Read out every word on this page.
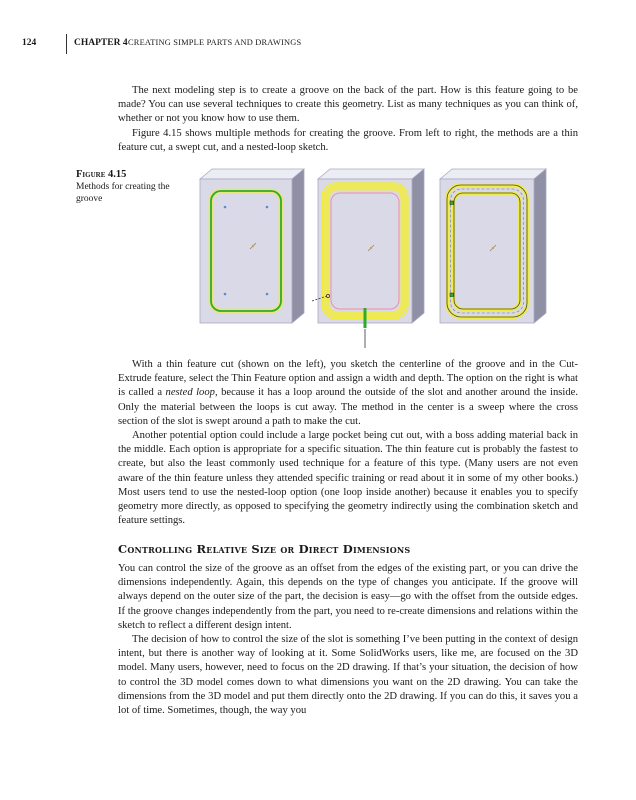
124	CHAPTER 4 CREATING SIMPLE PARTS AND DRAWINGS

The next modeling step is to create a groove on the back of the part. How is this feature going to be made? You can use several techniques to create this geometry. List as many techniques as you can think of, whether or not you know how to use them.

Figure 4.15 shows multiple methods for creating the groove. From left to right, the methods are a thin feature cut, a swept cut, and a nested-loop sketch.

Figure 4.15
Methods for creating the groove

With a thin feature cut (shown on the left), you sketch the centerline of the groove and in the Cut-Extrude feature, select the Thin Feature option and assign a width and depth. The option on the right is what is called a nested loop, because it has a loop around the outside of the slot and another around the inside. Only the material between the loops is cut away. The method in the center is a sweep where the cross section of the slot is swept around a path to make the cut.

Another potential option could include a large pocket being cut out, with a boss adding material back in the middle. Each option is appropriate for a specific situation. The thin feature cut is probably the fastest to create, but also the least commonly used technique for a feature of this type. (Many users are not even aware of the thin feature unless they attended specific training or read about it in some of my other books.) Most users tend to use the nested-loop option (one loop inside another) because it enables you to specify geometry more directly, as opposed to specifying the geometry indirectly using the combination sketch and feature settings.

Controlling Relative Size or Direct Dimensions

You can control the size of the groove as an offset from the edges of the existing part, or you can drive the dimensions independently. Again, this depends on the type of changes you anticipate. If the groove will always depend on the outer size of the part, the decision is easy—go with the offset from the outside edges. If the groove changes independently from the part, you need to re-create dimensions and relations within the sketch to reflect a different design intent.

The decision of how to control the size of the slot is something I’ve been putting in the context of design intent, but there is another way of looking at it. Some SolidWorks users, like me, are focused on the 3D model. Many users, however, need to focus on the 2D drawing. If that’s your situation, the decision of how to control the 3D model comes down to what dimensions you want on the 2D drawing. You can take the dimensions from the 3D model and put them directly onto the 2D drawing. If you can do this, it saves you a lot of time. Sometimes, though, the way you
